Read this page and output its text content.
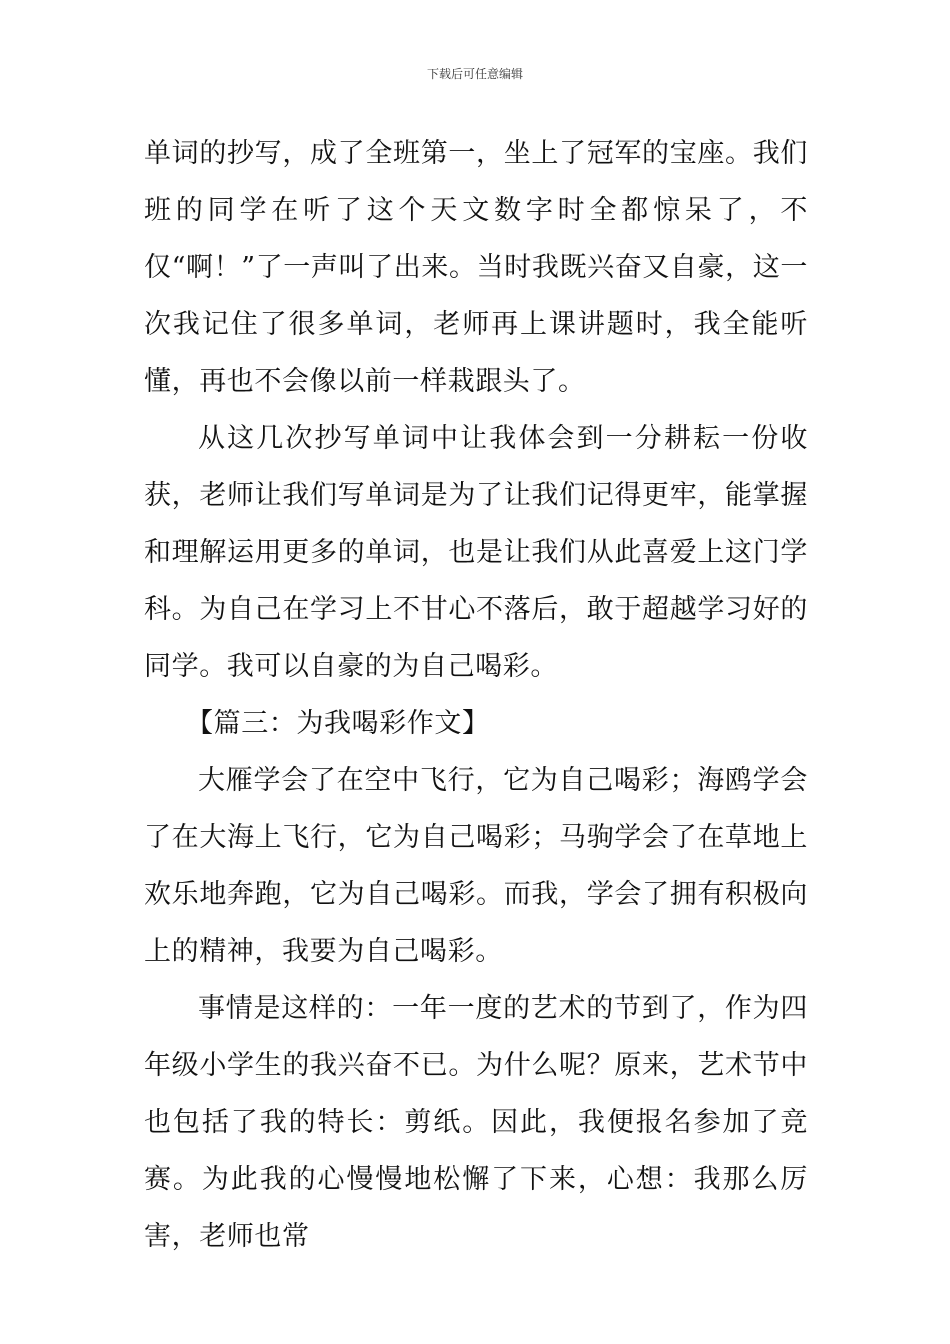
下载后可任意编辑

单词的抄写，成了全班第一，坐上了冠军的宝座。我们班的同学在听了这个天文数字时全都惊呆了，不仅“啊！”了一声叫了出来。当时我既兴奋又自豪，这一次我记住了很多单词，老师再上课讲题时，我全能听懂，再也不会像以前一样栽跟头了。

从这几次抄写单词中让我体会到一分耕耘一份收获，老师让我们写单词是为了让我们记得更牢，能掌握和理解运用更多的单词，也是让我们从此喜爱上这门学科。为自己在学习上不甘心不落后，敢于超越学习好的同学。我可以自豪的为自己喝彩。

【篇三：为我喝彩作文】

大雁学会了在空中飞行，它为自己喝彩；海鸥学会了在大海上飞行，它为自己喝彩；马驹学会了在草地上欢乐地奔跑，它为自己喝彩。而我，学会了拥有积极向上的精神，我要为自己喝彩。

事情是这样的：一年一度的艺术的节到了，作为四年级小学生的我兴奋不已。为什么呢？原来，艺术节中也包括了我的特长：剪纸。因此，我便报名参加了竞赛。为此我的心慢慢地松懈了下来，心想：我那么厉害，老师也常
